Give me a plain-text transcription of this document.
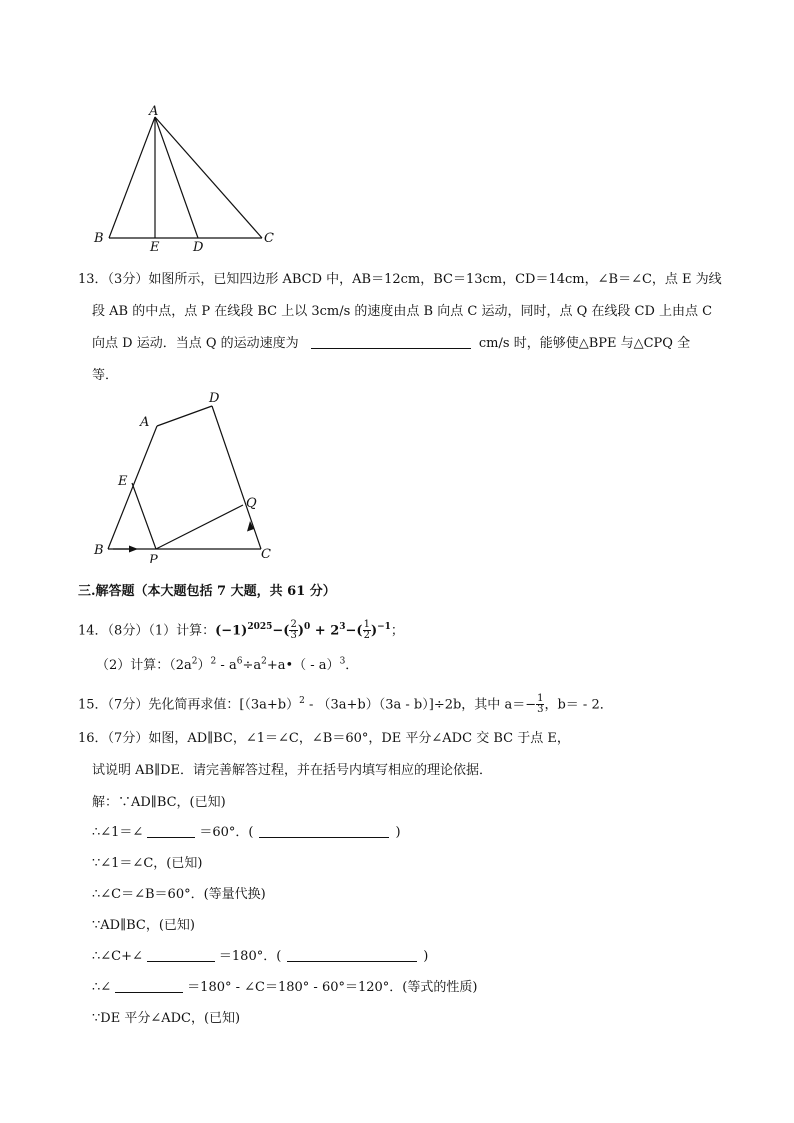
A
B
E	D
C
13．（3分）如图所示，已知四边形 ABCD 中，AB＝12cm，BC＝13cm，CD＝14cm，∠B＝∠C，点 E 为线
段 AB 的中点，点 P 在线段 BC 上以 3cm/s 的速度由点 B 向点 C 运动，同时，点 Q 在线段 CD 上由点 C
向点 D 运动．当点 Q 的运动速度为	cm/s 时，能够使△BPE 与△CPQ 全
等．
A
D
E
Q
B
P	C
三.解答题（本大题包括 7 大题，共 61 分）
14．（8分）（1）计算：$(-1)^{2025}-( \frac{2}{3} )^0 + 2^3-( \frac{1}{2} )^{-1}$；
（2）计算：$(2a^2)^2$ - $a^6\div a^2+a•( - a)^3$．
15．（7分）先化简再求值：$[(3a+b)^2 - (3a+b)(3a - b)]\div 2b$，其中 $a=- \frac{1}{3}$ ，b＝ - 2．
16．（7分）如图，AD∥BC，∠1＝∠C，∠B＝60°，DE 平分∠ADC 交 BC 于点 E，
试说明 AB∥DE．请完善解答过程，并在括号内填写相应的理论依据．
解：∵AD∥BC，(已知)
∴∠1＝∠	＝60°．(	)
∵∠1＝∠C，(已知)
∴∠C＝∠B＝60°．(等量代换)
∵AD∥BC，(已知)
∴∠C+∠	＝180°．(	)
∴∠	＝180° - ∠C＝180° - 60°＝120°．(等式的性质)
∵DE 平分∠ADC，(已知)
